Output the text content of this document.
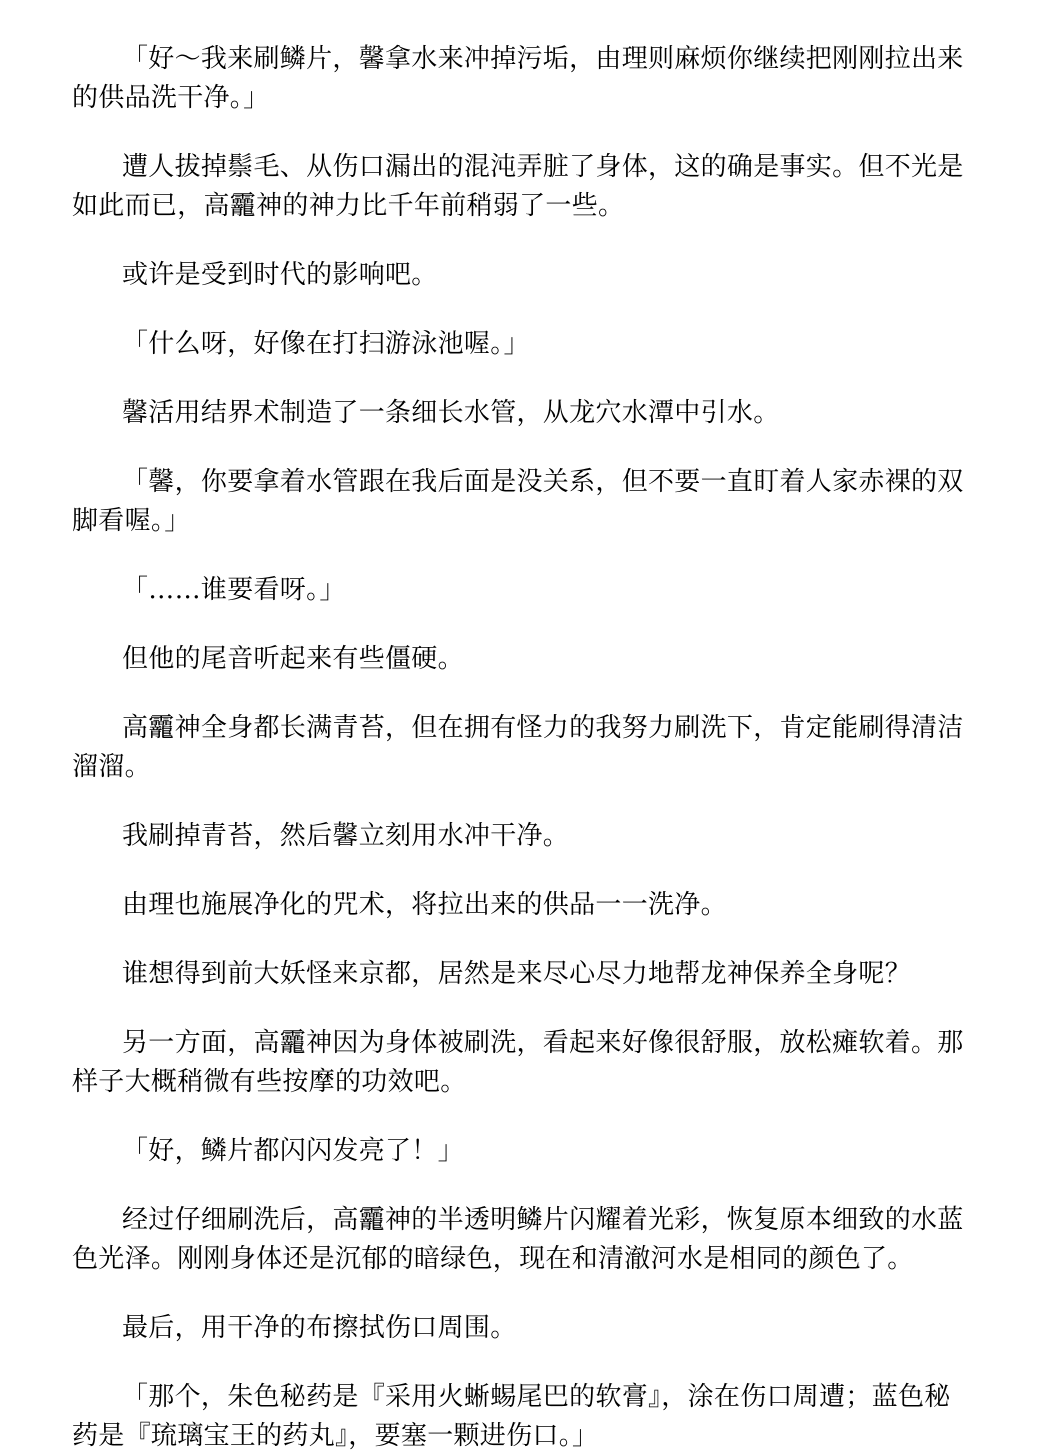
「好～我来刷鳞片，馨拿水来冲掉污垢，由理则麻烦你继续把刚刚拉出来的供品洗干净。」

遭人拔掉鬃毛、从伤口漏出的混沌弄脏了身体，这的确是事实。但不光是如此而已，高龗神的神力比千年前稍弱了一些。

或许是受到时代的影响吧。

「什么呀，好像在打扫游泳池喔。」

馨活用结界术制造了一条细长水管，从龙穴水潭中引水。

「馨，你要拿着水管跟在我后面是没关系，但不要一直盯着人家赤裸的双脚看喔。」

「……谁要看呀。」

但他的尾音听起来有些僵硬。

高龗神全身都长满青苔，但在拥有怪力的我努力刷洗下，肯定能刷得清洁溜溜。

我刷掉青苔，然后馨立刻用水冲干净。

由理也施展净化的咒术，将拉出来的供品一一洗净。

谁想得到前大妖怪来京都，居然是来尽心尽力地帮龙神保养全身呢？

另一方面，高龗神因为身体被刷洗，看起来好像很舒服，放松瘫软着。那样子大概稍微有些按摩的功效吧。

「好，鳞片都闪闪发亮了！」

经过仔细刷洗后，高龗神的半透明鳞片闪耀着光彩，恢复原本细致的水蓝色光泽。刚刚身体还是沉郁的暗绿色，现在和清澈河水是相同的颜色了。

最后，用干净的布擦拭伤口周围。

「那个，朱色秘药是『采用火蜥蜴尾巴的软膏』，涂在伤口周遭；蓝色秘药是『琉璃宝王的药丸』，要塞一颗进伤口。」
